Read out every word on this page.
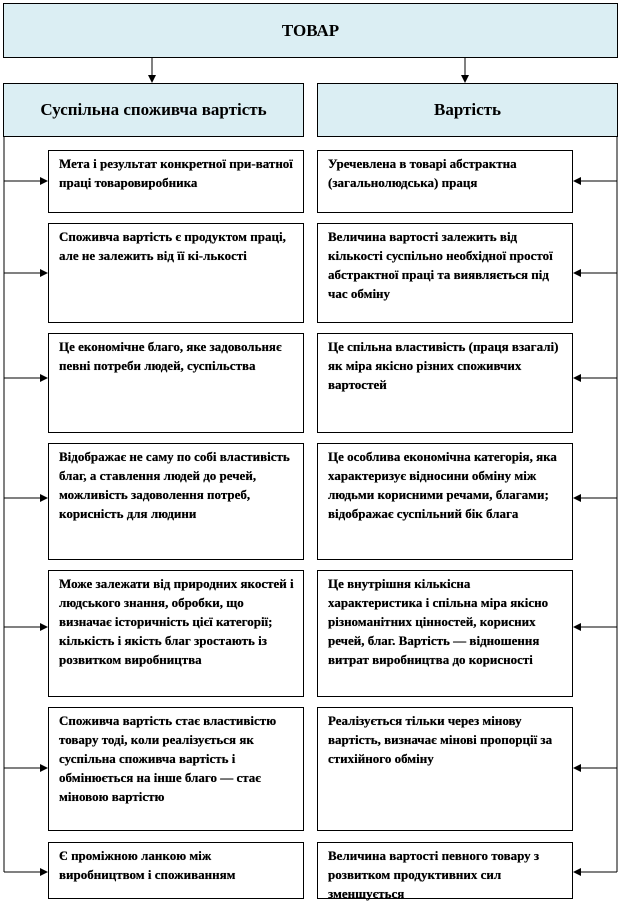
ТОВАР
Суспільна споживча вартість	Вартість
Мета і результат конкретної при-ватної праці товаровиробника
Споживча вартість є продуктом праці, але не залежить від її кі-лькості
Це економічне благо, яке задовольняє певні потреби людей, суспільства
Відображає не саму по собі властивість благ, а ставлення людей до речей, можливість задоволення потреб, корисність для людини
Може залежати від природних якостей і людського знання, обробки, що визначає історичність цієї категорії; кількість і якість благ зростають із розвитком виробництва
Споживча вартість стає властивістю товару тоді, коли реалізується як суспільна споживча вартість і обмінюється на інше благо — стає міновою вартістю
Є проміжною ланкою між виробництвом і споживанням
Уречевлена в товарі абстрактна (загальнолюдська) праця
Величина вартості залежить від кількості суспільно необхідної простої абстрактної праці та виявляється під час обміну
Це спільна властивість (праця взагалі) як міра якісно різних споживчих вартостей
Це особлива економічна категорія, яка характеризує відносини обміну між людьми корисними речами, благами; відображає суспільний бік блага
Це внутрішня кількісна характеристика і спільна міра якісно різноманітних цінностей, корисних речей, благ. Вартість — відношення витрат виробництва до корисності
Реалізується тільки через мінову вартість, визначає мінові пропорції за стихійного обміну
Величина вартості певного товару з розвитком продуктивних сил зменшується
